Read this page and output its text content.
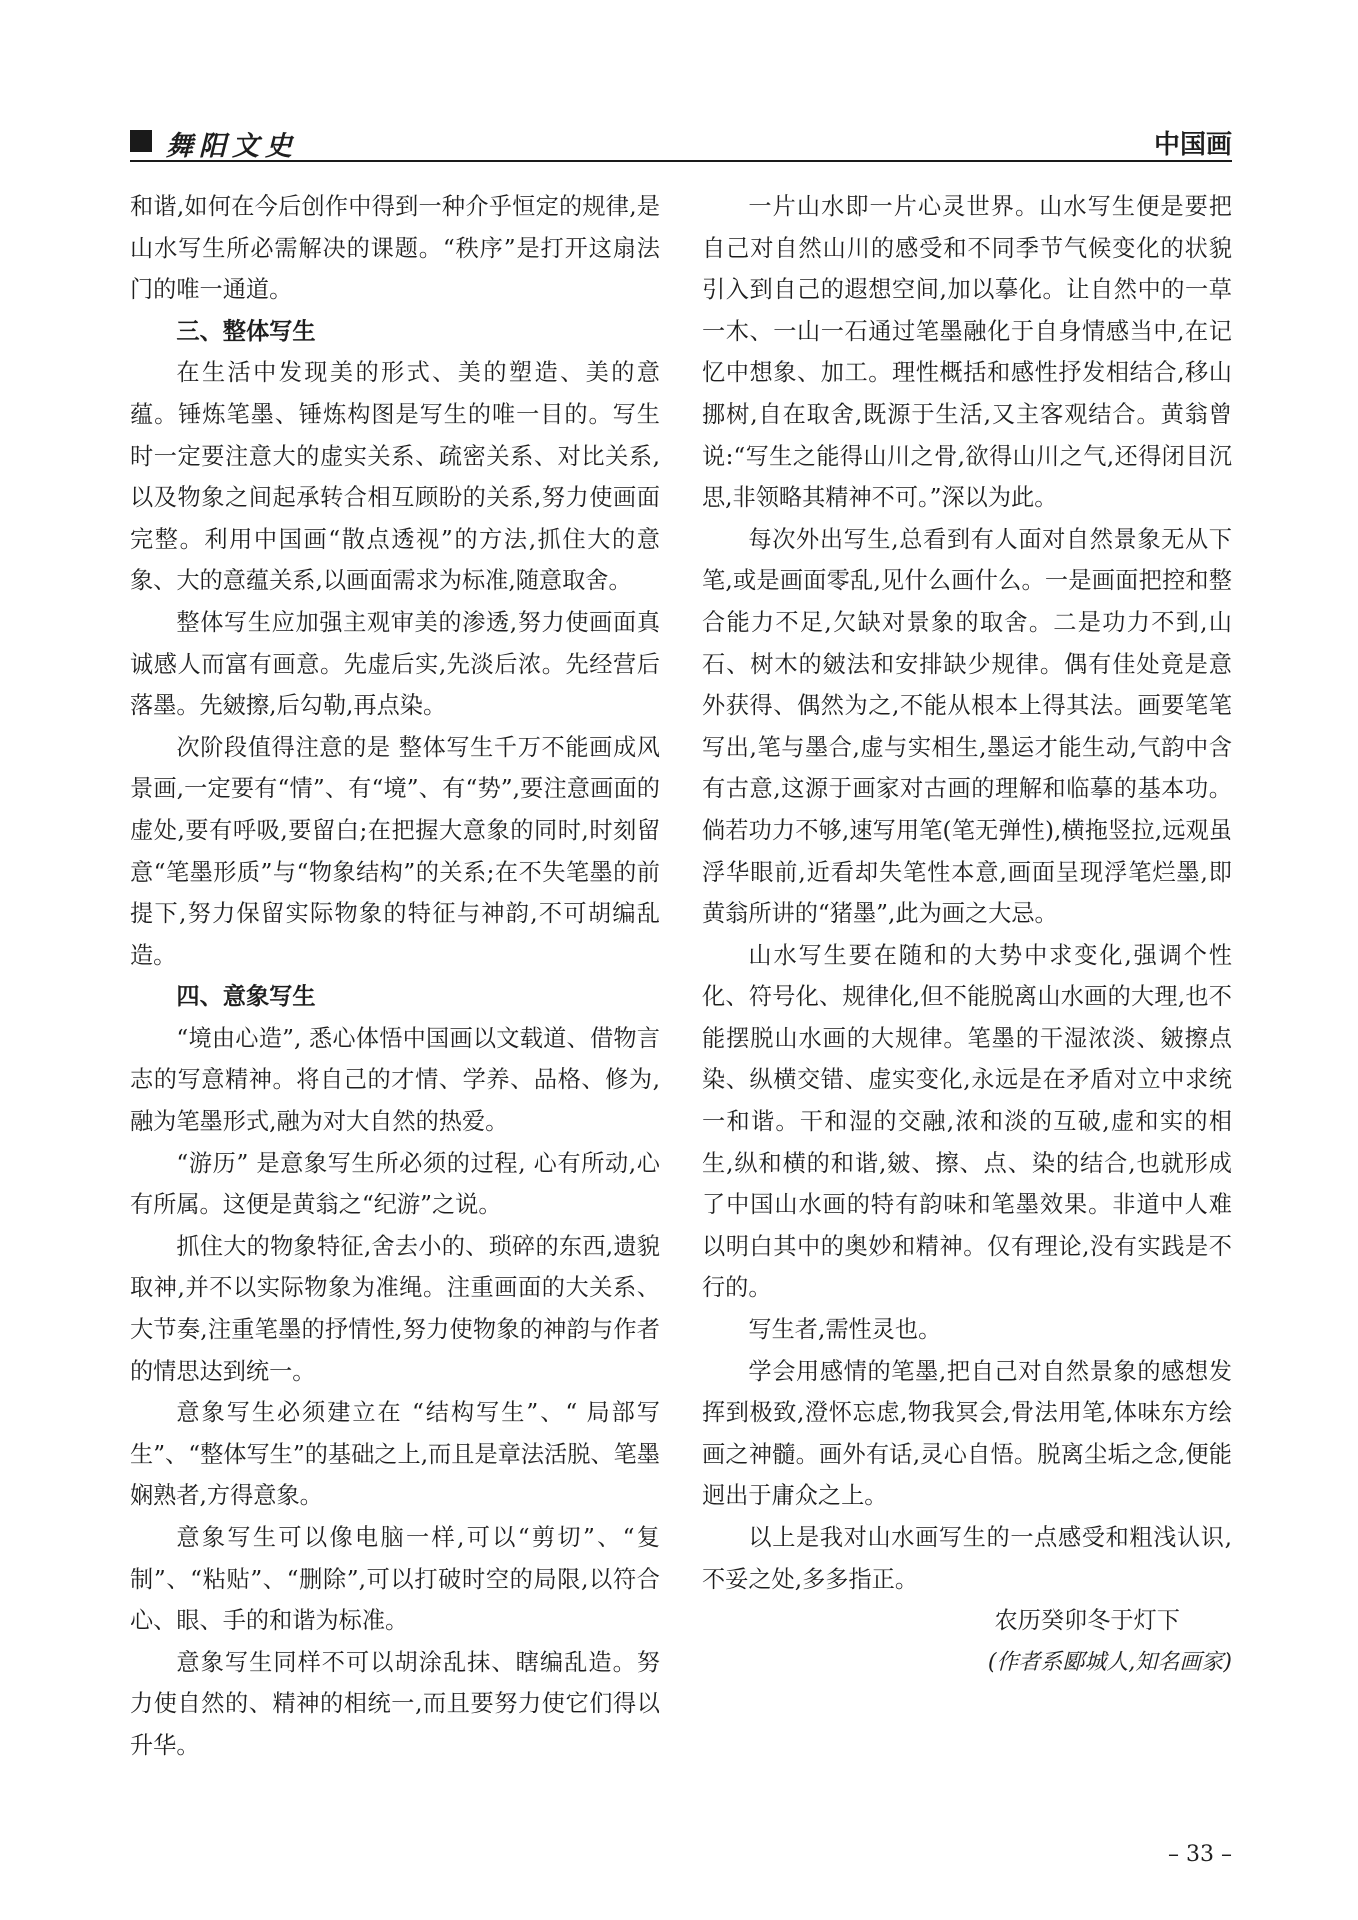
舞阳文史	中国画

和谐,如何在今后创作中得到一种介乎恒定的规律,是山水写生所必需解决的课题。“秩序”是打开这扇法门的唯一通道。

三、整体写生

在生活中发现美的形式、美的塑造、美的意蕴。锤炼笔墨、锤炼构图是写生的唯一目的。写生时一定要注意大的虚实关系、疏密关系、对比关系, 以及物象之间起承转合相互顾盼的关系,努力使画面完整。利用中国画“散点透视”的方法,抓住大的意象、大的意蕴关系,以画面需求为标准,随意取舍。

整体写生应加强主观审美的渗透,努力使画面真诚感人而富有画意。先虚后实,先淡后浓。先经营后落墨。先皴擦,后勾勒,再点染。

次阶段值得注意的是 整体写生千万不能画成风景画,一定要有“情”、有“境”、有“势”,要注意画面的虚处,要有呼吸,要留白;在把握大意象的同时,时刻留意“笔墨形质”与“物象结构”的关系;在不失笔墨的前提下,努力保留实际物象的特征与神韵,不可胡编乱造。

四、意象写生

“境由心造”, 悉心体悟中国画以文载道、借物言志的写意精神。将自己的才情、学养、品格、修为,融为笔墨形式,融为对大自然的热爱。

“游历” 是意象写生所必须的过程, 心有所动,心有所属。这便是黄翁之“纪游”之说。

抓住大的物象特征,舍去小的、琐碎的东西,遗貌取神,并不以实际物象为准绳。注重画面的大关系、大节奏,注重笔墨的抒情性,努力使物象的神韵与作者的情思达到统一。

意象写生必须建立在 “结构写生”、“ 局部写生”、“整体写生”的基础之上,而且是章法活脱、笔墨娴熟者,方得意象。

意象写生可以像电脑一样,可以“剪切”、“复制”、“粘贴”、“删除”,可以打破时空的局限,以符合心、眼、手的和谐为标准。

意象写生同样不可以胡涂乱抹、瞎编乱造。努力使自然的、精神的相统一,而且要努力使它们得以升华。

一片山水即一片心灵世界。山水写生便是要把自己对自然山川的感受和不同季节气候变化的状貌引入到自己的遐想空间,加以摹化。让自然中的一草一木、一山一石通过笔墨融化于自身情感当中,在记忆中想象、加工。理性概括和感性抒发相结合,移山挪树,自在取舍,既源于生活,又主客观结合。黄翁曾说:“写生之能得山川之骨,欲得山川之气,还得闭目沉思,非领略其精神不可。”深以为此。

每次外出写生,总看到有人面对自然景象无从下笔,或是画面零乱,见什么画什么。一是画面把控和整合能力不足,欠缺对景象的取舍。二是功力不到,山石、树木的皴法和安排缺少规律。偶有佳处竟是意外获得、偶然为之,不能从根本上得其法。画要笔笔写出,笔与墨合,虚与实相生,墨运才能生动,气韵中含有古意,这源于画家对古画的理解和临摹的基本功。倘若功力不够,速写用笔(笔无弹性),横拖竖拉,远观虽浮华眼前,近看却失笔性本意,画面呈现浮笔烂墨,即黄翁所讲的“猪墨”,此为画之大忌。

山水写生要在随和的大势中求变化,强调个性化、符号化、规律化,但不能脱离山水画的大理,也不能摆脱山水画的大规律。笔墨的干湿浓淡、皴擦点染、纵横交错、虚实变化,永远是在矛盾对立中求统一和谐。干和湿的交融,浓和淡的互破,虚和实的相生,纵和横的和谐,皴、擦、点、染的结合,也就形成了中国山水画的特有韵味和笔墨效果。非道中人难以明白其中的奥妙和精神。仅有理论,没有实践是不行的。

写生者,需性灵也。

学会用感情的笔墨,把自己对自然景象的感想发挥到极致,澄怀忘虑,物我冥会,骨法用笔,体味东方绘画之神髓。画外有话,灵心自悟。脱离尘垢之念,便能迥出于庸众之上。

以上是我对山水画写生的一点感受和粗浅认识,不妥之处,多多指正。

农历癸卯冬于灯下

(作者系郾城人,知名画家)

– 33 –
